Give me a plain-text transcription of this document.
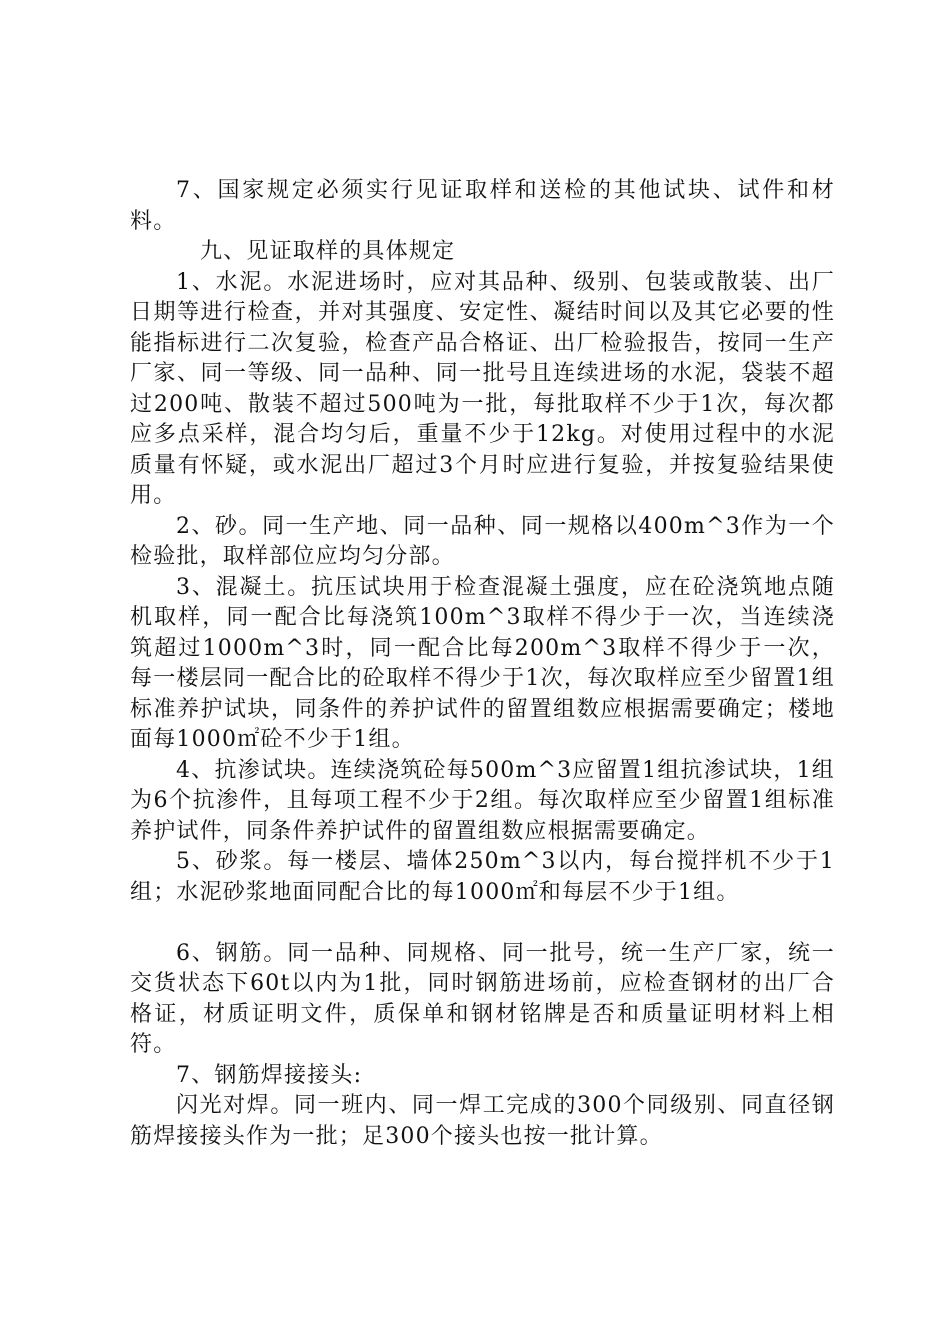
7、国家规定必须实行见证取样和送检的其他试块、试件和材料。

九、见证取样的具体规定

1、水泥。水泥进场时，应对其品种、级别、包装或散装、出厂日期等进行检查，并对其强度、安定性、凝结时间以及其它必要的性能指标进行二次复验，检查产品合格证、出厂检验报告，按同一生产厂家、同一等级、同一品种、同一批号且连续进场的水泥，袋装不超过200吨、散装不超过500吨为一批，每批取样不少于1次，每次都应多点采样，混合均匀后，重量不少于12kg。对使用过程中的水泥质量有怀疑，或水泥出厂超过3个月时应进行复验，并按复验结果使用。

2、砂。同一生产地、同一品种、同一规格以400m^3作为一个检验批，取样部位应均匀分部。

3、混凝土。抗压试块用于检查混凝土强度，应在砼浇筑地点随机取样，同一配合比每浇筑100m^3取样不得少于一次，当连续浇筑超过1000m^3时，同一配合比每200m^3取样不得少于一次，每一楼层同一配合比的砼取样不得少于1次，每次取样应至少留置1组标准养护试块，同条件的养护试件的留置组数应根据需要确定；楼地面每1000㎡砼不少于1组。

4、抗渗试块。连续浇筑砼每500m^3应留置1组抗渗试块，1组为6个抗渗件，且每项工程不少于2组。每次取样应至少留置1组标准养护试件，同条件养护试件的留置组数应根据需要确定。

5、砂浆。每一楼层、墙体250m^3以内，每台搅拌机不少于1组；水泥砂浆地面同配合比的每1000㎡和每层不少于1组。

6、钢筋。同一品种、同规格、同一批号，统一生产厂家，统一交货状态下60t以内为1批，同时钢筋进场前，应检查钢材的出厂合格证，材质证明文件，质保单和钢材铭牌是否和质量证明材料上相符。

7、钢筋焊接接头:

闪光对焊。同一班内、同一焊工完成的300个同级别、同直径钢筋焊接接头作为一批；足300个接头也按一批计算。
